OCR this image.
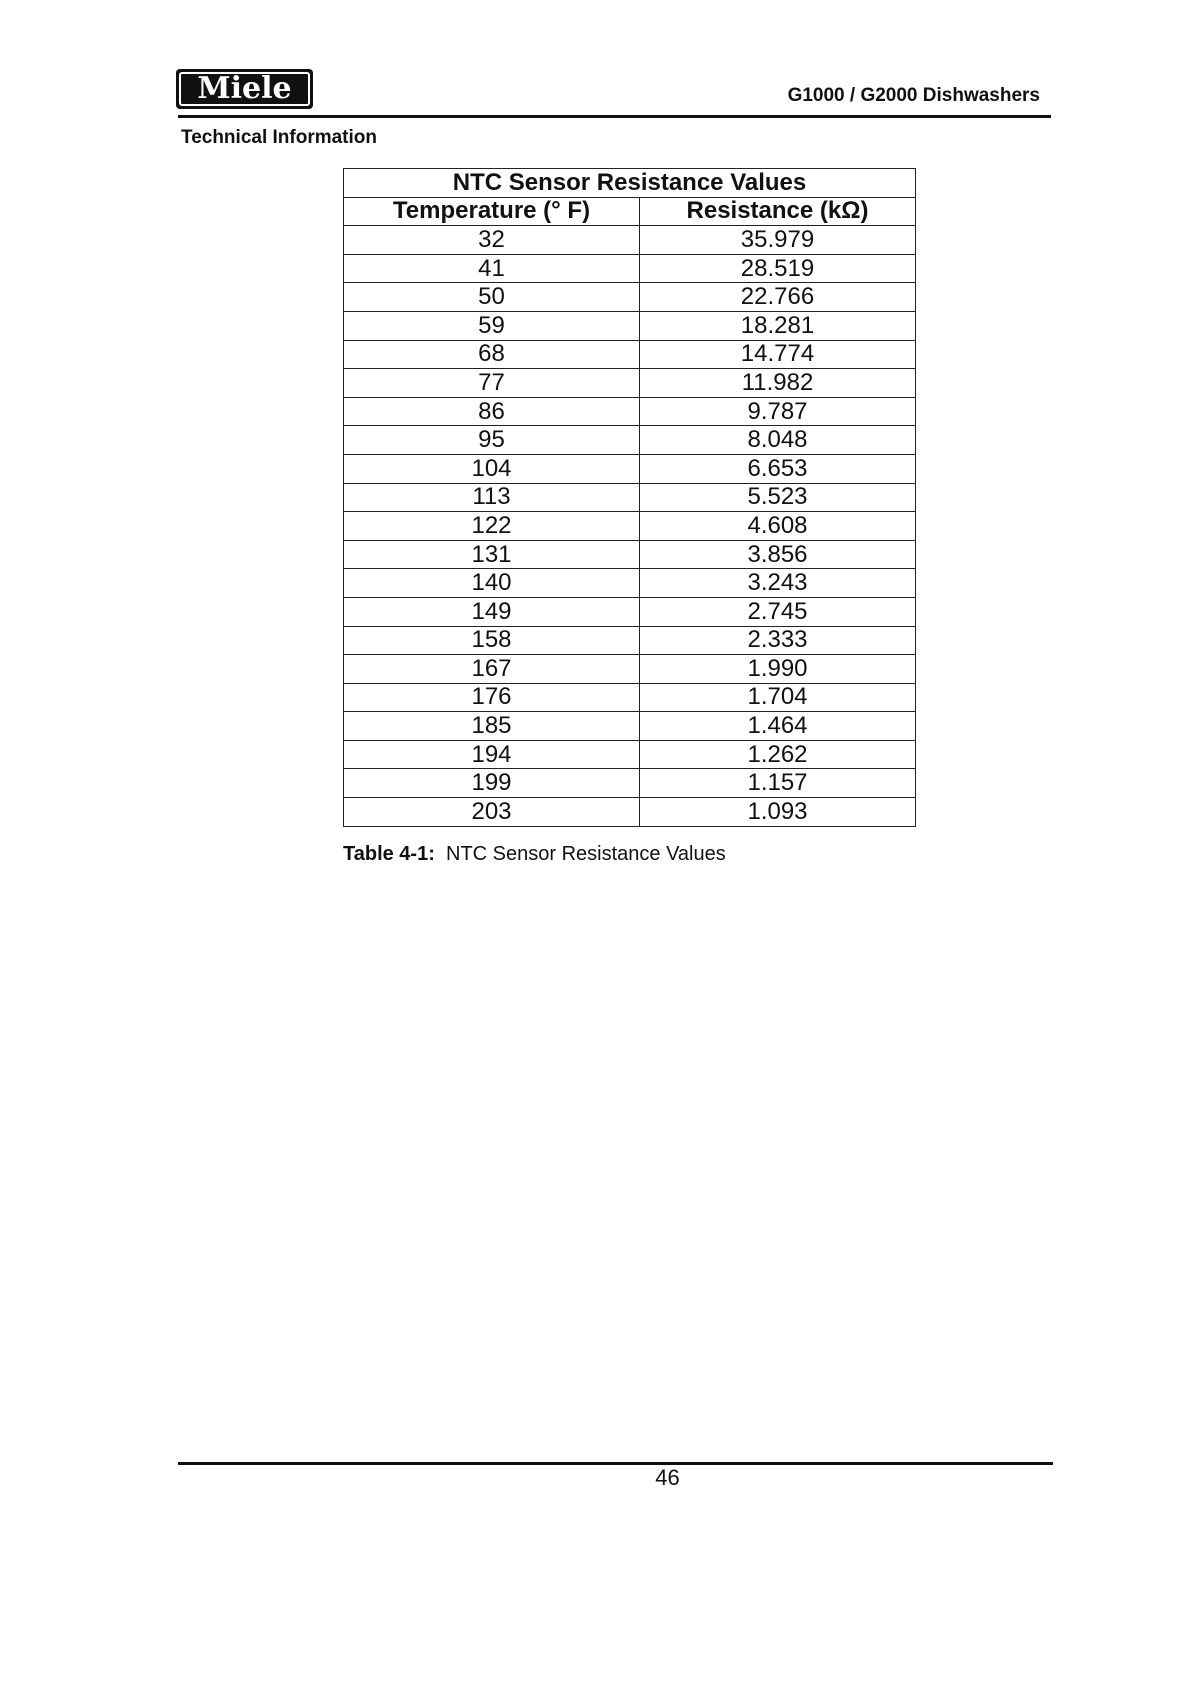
Miele	G1000 / G2000 Dishwashers
Technical Information
NTC Sensor Resistance Values	
Temperature (° F)	Resistance (kΩ)
32	35.979
41	28.519
50	22.766
59	18.281
68	14.774
77	11.982
86	9.787
95	8.048
104	6.653
113	5.523
122	4.608
131	3.856
140	3.243
149	2.745
158	2.333
167	1.990
176	1.704
185	1.464
194	1.262
199	1.157
203	1.093
Table 4-1: NTC Sensor Resistance Values
46
